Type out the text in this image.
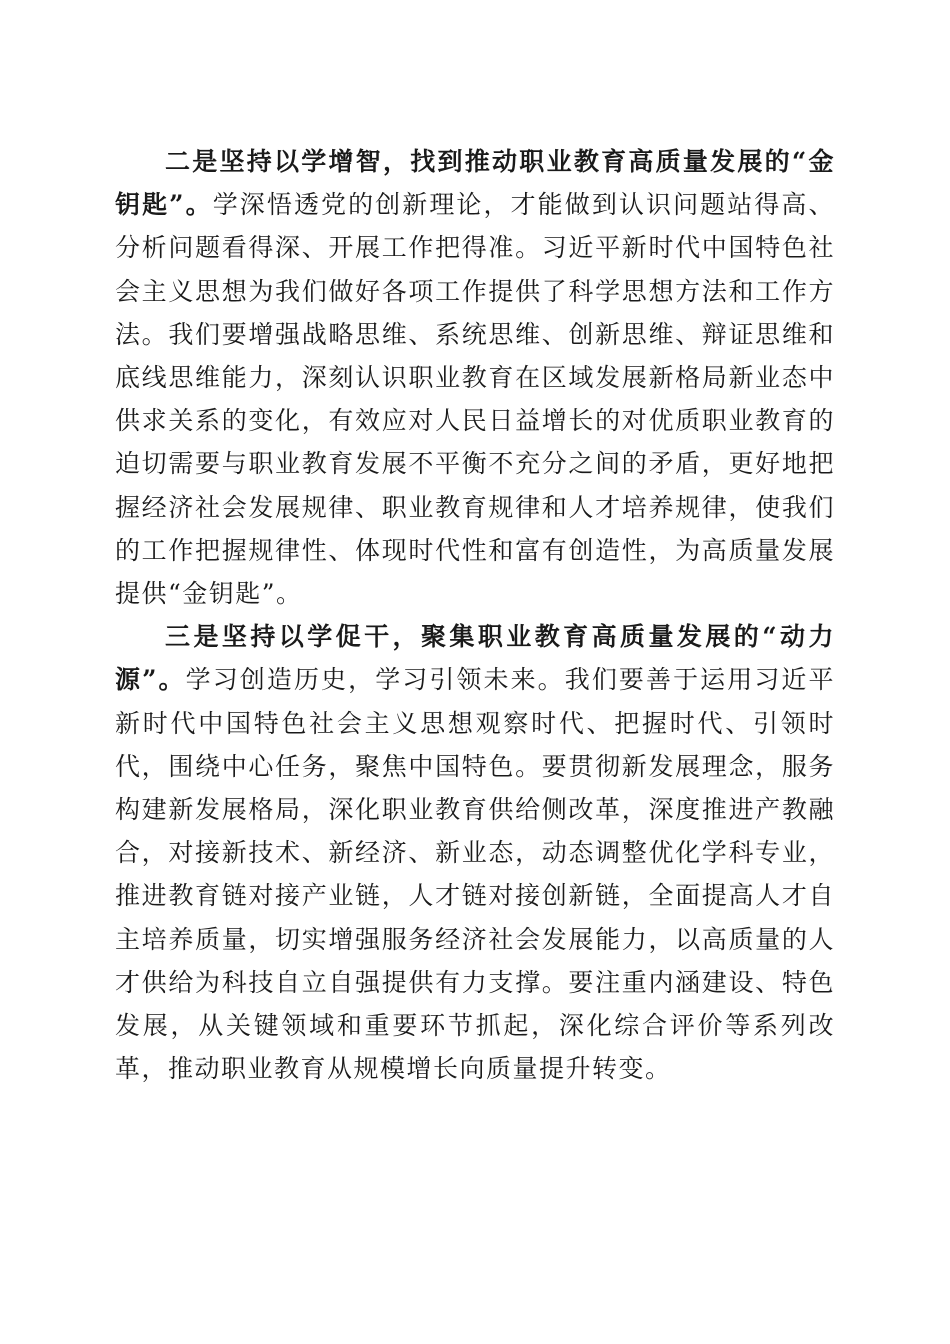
二是坚持以学增智，找到推动职业教育高质量发展的“金钥匙”。学深悟透党的创新理论，才能做到认识问题站得高、分析问题看得深、开展工作把得准。习近平新时代中国特色社会主义思想为我们做好各项工作提供了科学思想方法和工作方法。我们要增强战略思维、系统思维、创新思维、辩证思维和底线思维能力，深刻认识职业教育在区域发展新格局新业态中供求关系的变化，有效应对人民日益增长的对优质职业教育的迫切需要与职业教育发展不平衡不充分之间的矛盾，更好地把握经济社会发展规律、职业教育规律和人才培养规律，使我们的工作把握规律性、体现时代性和富有创造性，为高质量发展提供“金钥匙”。

三是坚持以学促干，聚集职业教育高质量发展的“动力源”。学习创造历史，学习引领未来。我们要善于运用习近平新时代中国特色社会主义思想观察时代、把握时代、引领时代，围绕中心任务，聚焦中国特色。要贯彻新发展理念，服务构建新发展格局，深化职业教育供给侧改革，深度推进产教融合，对接新技术、新经济、新业态，动态调整优化学科专业，推进教育链对接产业链，人才链对接创新链，全面提高人才自主培养质量，切实增强服务经济社会发展能力，以高质量的人才供给为科技自立自强提供有力支撑。要注重内涵建设、特色发展，从关键领域和重要环节抓起，深化综合评价等系列改革，推动职业教育从规模增长向质量提升转变。
